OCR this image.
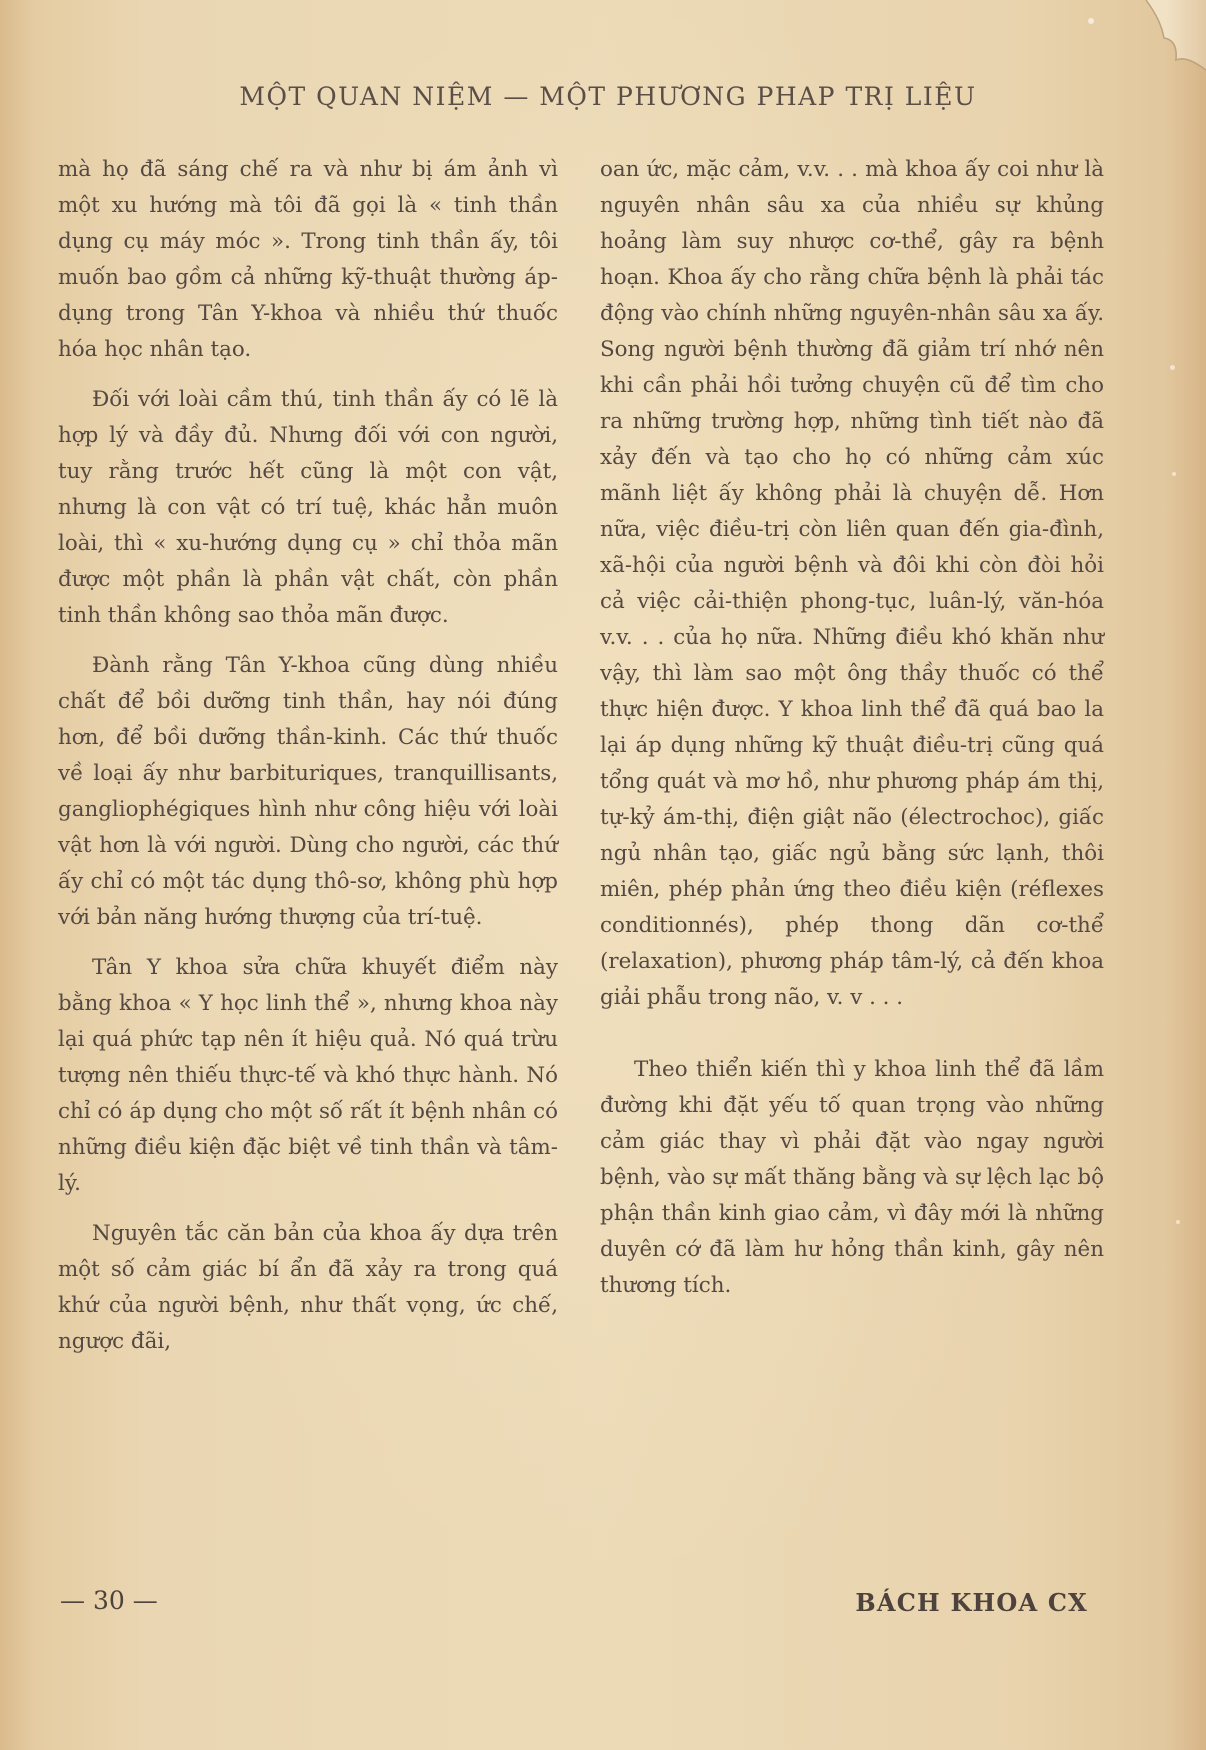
MỘT QUAN NIỆM — MỘT PHƯƠNG PHAP TRỊ LIỆU

mà họ đã sáng chế ra và như bị ám ảnh vì một xu hướng mà tôi đã gọi là « tinh thần dụng cụ máy móc ». Trong tinh thần ấy, tôi muốn bao gồm cả những kỹ-thuật thường áp-dụng trong Tân Y-khoa và nhiều thứ thuốc hóa học nhân tạo.

Đối với loài cầm thú, tinh thần ấy có lẽ là hợp lý và đầy đủ. Nhưng đối với con người, tuy rằng trước hết cũng là một con vật, nhưng là con vật có trí tuệ, khác hẳn muôn loài, thì « xu-hướng dụng cụ » chỉ thỏa mãn được một phần là phần vật chất, còn phần tinh thần không sao thỏa mãn được.

Đành rằng Tân Y-khoa cũng dùng nhiều chất để bồi dưỡng tinh thần, hay nói đúng hơn, để bồi dưỡng thần-kinh. Các thứ thuốc về loại ấy như barbituriques, tranquillisants, gangliophégiques hình như công hiệu với loài vật hơn là với người. Dùng cho người, các thứ ấy chỉ có một tác dụng thô-sơ, không phù hợp với bản năng hướng thượng của trí-tuệ.

Tân Y khoa sửa chữa khuyết điểm này bằng khoa « Y học linh thể », nhưng khoa này lại quá phức tạp nên ít hiệu quả. Nó quá trừu tượng nên thiếu thực-tế và khó thực hành. Nó chỉ có áp dụng cho một số rất ít bệnh nhân có những điều kiện đặc biệt về tinh thần và tâm-lý.

Nguyên tắc căn bản của khoa ấy dựa trên một số cảm giác bí ẩn đã xảy ra trong quá khứ của người bệnh, như thất vọng, ức chế, ngược đãi,

oan ức, mặc cảm, v.v. . . mà khoa ấy coi như là nguyên nhân sâu xa của nhiều sự khủng hoảng làm suy nhược cơ-thể, gây ra bệnh hoạn. Khoa ấy cho rằng chữa bệnh là phải tác động vào chính những nguyên-nhân sâu xa ấy. Song người bệnh thường đã giảm trí nhớ nên khi cần phải hồi tưởng chuyện cũ để tìm cho ra những trường hợp, những tình tiết nào đã xảy đến và tạo cho họ có những cảm xúc mãnh liệt ấy không phải là chuyện dễ. Hơn nữa, việc điều-trị còn liên quan đến gia-đình, xã-hội của người bệnh và đôi khi còn đòi hỏi cả việc cải-thiện phong-tục, luân-lý, văn-hóa v.v. . . của họ nữa. Những điều khó khăn như vậy, thì làm sao một ông thầy thuốc có thể thực hiện được. Y khoa linh thể đã quá bao la lại áp dụng những kỹ thuật điều-trị cũng quá tổng quát và mơ hồ, như phương pháp ám thị, tự-kỷ ám-thị, điện giật não (électrochoc), giấc ngủ nhân tạo, giấc ngủ bằng sức lạnh, thôi miên, phép phản ứng theo điều kiện (réflexes conditionnés), phép thong dãn cơ-thể (relaxation), phương pháp tâm-lý, cả đến khoa giải phẫu trong não, v. v . . .

Theo thiển kiến thì y khoa linh thể đã lầm đường khi đặt yếu tố quan trọng vào những cảm giác thay vì phải đặt vào ngay người bệnh, vào sự mất thăng bằng và sự lệch lạc bộ phận thần kinh giao cảm, vì đây mới là những duyên cớ đã làm hư hỏng thần kinh, gây nên thương tích.

— 30 —	BÁCH KHOA CX
